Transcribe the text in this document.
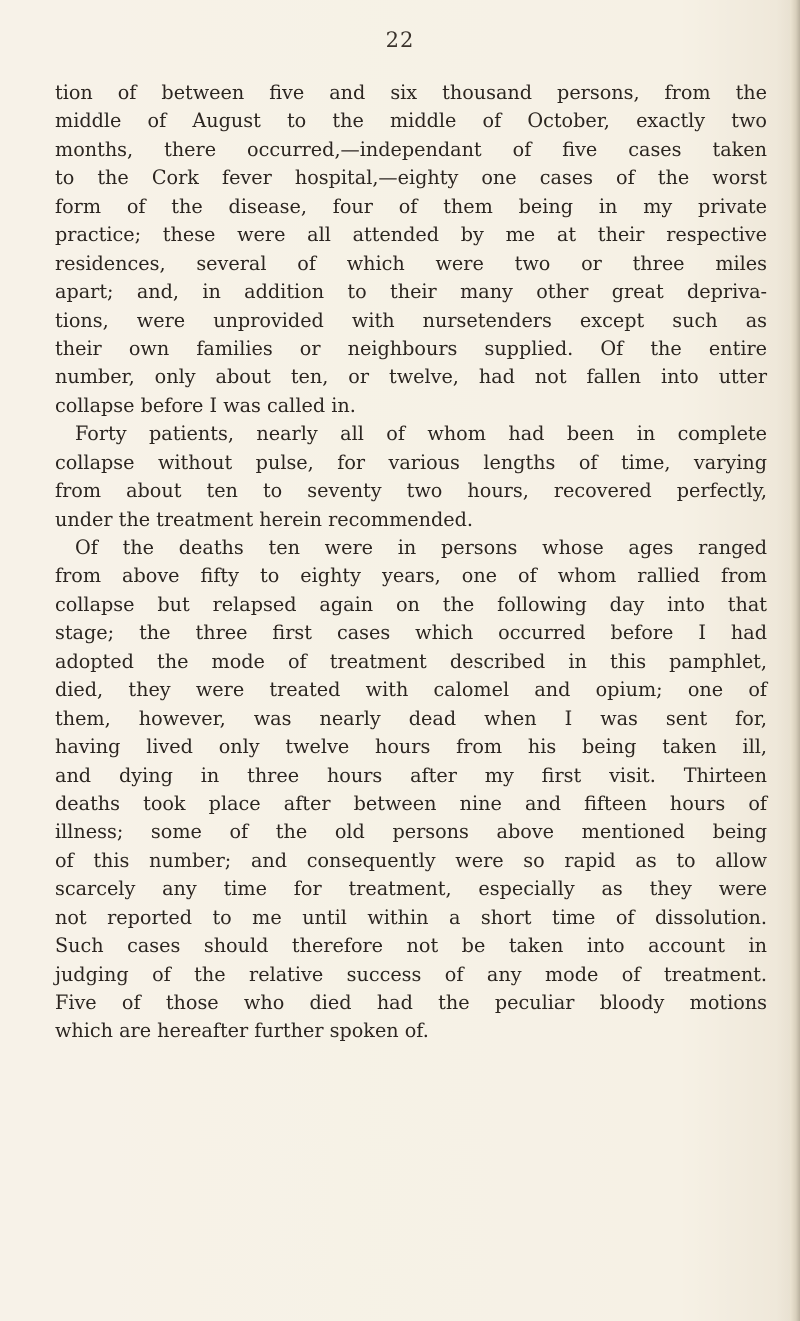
22
tion of between five and six thousand persons, from the
middle of August to the middle of October, exactly two
months, there occurred,—independant of five cases taken
to the Cork fever hospital,—eighty one cases of the worst
form of the disease, four of them being in my private
practice; these were all attended by me at their respective
residences, several of which were two or three miles
apart; and, in addition to their many other great depriva-
tions, were unprovided with nursetenders except such as
their own families or neighbours supplied. Of the entire
number, only about ten, or twelve, had not fallen into utter
collapse before I was called in.
Forty patients, nearly all of whom had been in complete
collapse without pulse, for various lengths of time, varying
from about ten to seventy two hours, recovered perfectly,
under the treatment herein recommended.
Of the deaths ten were in persons whose ages ranged
from above fifty to eighty years, one of whom rallied from
collapse but relapsed again on the following day into that
stage; the three first cases which occurred before I had
adopted the mode of treatment described in this pamphlet,
died, they were treated with calomel and opium; one of
them, however, was nearly dead when I was sent for,
having lived only twelve hours from his being taken ill,
and dying in three hours after my first visit. Thirteen
deaths took place after between nine and fifteen hours of
illness; some of the old persons above mentioned being
of this number; and consequently were so rapid as to allow
scarcely any time for treatment, especially as they were
not reported to me until within a short time of dissolution.
Such cases should therefore not be taken into account in
judging of the relative success of any mode of treatment.
Five of those who died had the peculiar bloody motions
which are hereafter further spoken of.
